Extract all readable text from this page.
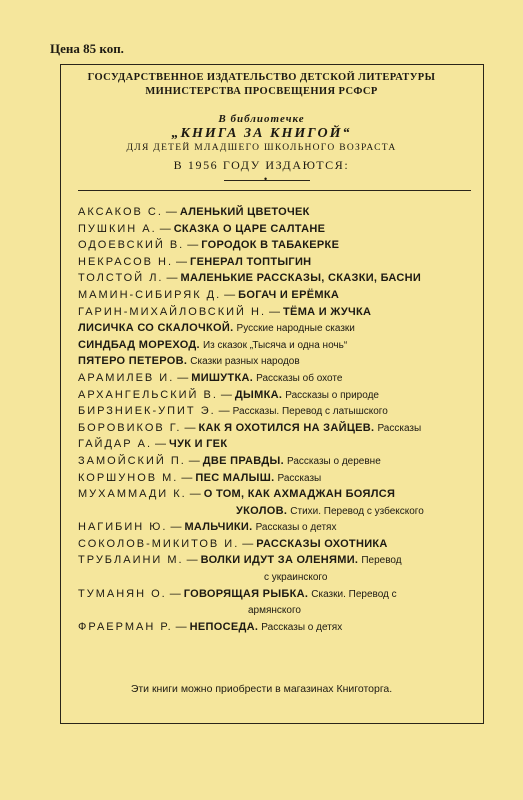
Цена 85 коп.
ГОСУДАРСТВЕННОЕ ИЗДАТЕЛЬСТВО ДЕТСКОЙ ЛИТЕРАТУРЫ
МИНИСТЕРСТВА ПРОСВЕЩЕНИЯ РСФСР
В библиотечке
„КНИГА ЗА КНИГОЙ“
ДЛЯ ДЕТЕЙ МЛАДШЕГО ШКОЛЬНОГО ВОЗРАСТА
В 1956 ГОДУ ИЗДАЮТСЯ:
•
АКСАКОВ С. — АЛЕНЬКИЙ ЦВЕТОЧЕК
ПУШКИН А. — СКАЗКА О ЦАРЕ САЛТАНЕ
ОДОЕВСКИЙ В. — ГОРОДОК В ТАБАКЕРКЕ
НЕКРАСОВ Н. — ГЕНЕРАЛ ТОПТЫГИН
ТОЛСТОЙ Л. — МАЛЕНЬКИЕ РАССКАЗЫ, СКАЗКИ, БАСНИ
МАМИН-СИБИРЯК Д. — БОГАЧ И ЕРЁМКА
ГАРИН-МИХАЙЛОВСКИЙ Н. — ТЁМА И ЖУЧКА
ЛИСИЧКА СО СКАЛОЧКОЙ. Русские народные сказки
СИНДБАД МОРЕХОД. Из сказок „Тысяча и одна ночь“
ПЯТЕРО ПЕТЕРОВ. Сказки разных народов
АРАМИЛЕВ И. — МИШУТКА. Рассказы об охоте
АРХАНГЕЛЬСКИЙ В. — ДЫМКА. Рассказы о природе
БИРЗНИЕК-УПИТ Э. — Рассказы. Перевод с латышского
БОРОВИКОВ Г. — КАК Я ОХОТИЛСЯ НА ЗАЙЦЕВ. Рассказы
ГАЙДАР А. — ЧУК И ГЕК
ЗАМОЙСКИЙ П. — ДВЕ ПРАВДЫ. Рассказы о деревне
КОРШУНОВ М. — ПЕС МАЛЫШ. Рассказы
МУХАММАДИ К. — О ТОМ, КАК АХМАДЖАН БОЯЛСЯ
УКОЛОВ. Стихи. Перевод с узбекского
НАГИБИН Ю. — МАЛЬЧИКИ. Рассказы о детях
СОКОЛОВ-МИКИТОВ И. — РАССКАЗЫ ОХОТНИКА
ТРУБЛАИНИ М. — ВОЛКИ ИДУТ ЗА ОЛЕНЯМИ. Перевод
с украинского
ТУМАНЯН О. — ГОВОРЯЩАЯ РЫБКА. Сказки. Перевод с
армянского
ФРАЕРМАН Р. — НЕПОСЕДА. Рассказы о детях
Эти книги можно приобрести в магазинах Книготорга.
